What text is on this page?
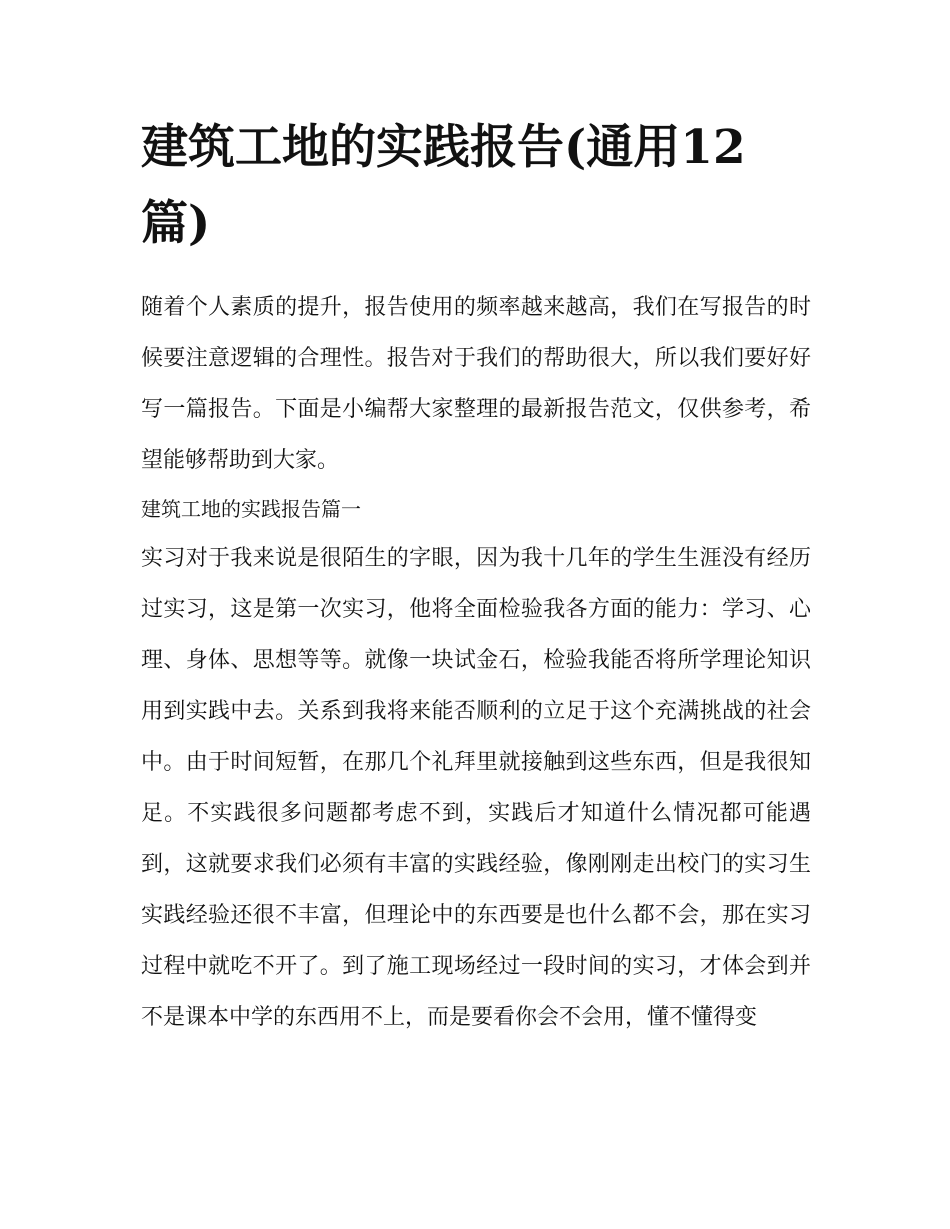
建筑工地的实践报告(通用12篇)

随着个人素质的提升，报告使用的频率越来越高，我们在写报告的时候要注意逻辑的合理性。报告对于我们的帮助很大，所以我们要好好写一篇报告。下面是小编帮大家整理的最新报告范文，仅供参考，希望能够帮助到大家。

建筑工地的实践报告篇一

实习对于我来说是很陌生的字眼，因为我十几年的学生生涯没有经历过实习，这是第一次实习，他将全面检验我各方面的能力：学习、心理、身体、思想等等。就像一块试金石，检验我能否将所学理论知识用到实践中去。关系到我将来能否顺利的立足于这个充满挑战的社会中。由于时间短暂，在那几个礼拜里就接触到这些东西，但是我很知足。不实践很多问题都考虑不到，实践后才知道什么情况都可能遇到，这就要求我们必须有丰富的实践经验，像刚刚走出校门的实习生实践经验还很不丰富，但理论中的东西要是也什么都不会，那在实习过程中就吃不开了。到了施工现场经过一段时间的实习，才体会到并不是课本中学的东西用不上，而是要看你会不会用，懂不懂得变
